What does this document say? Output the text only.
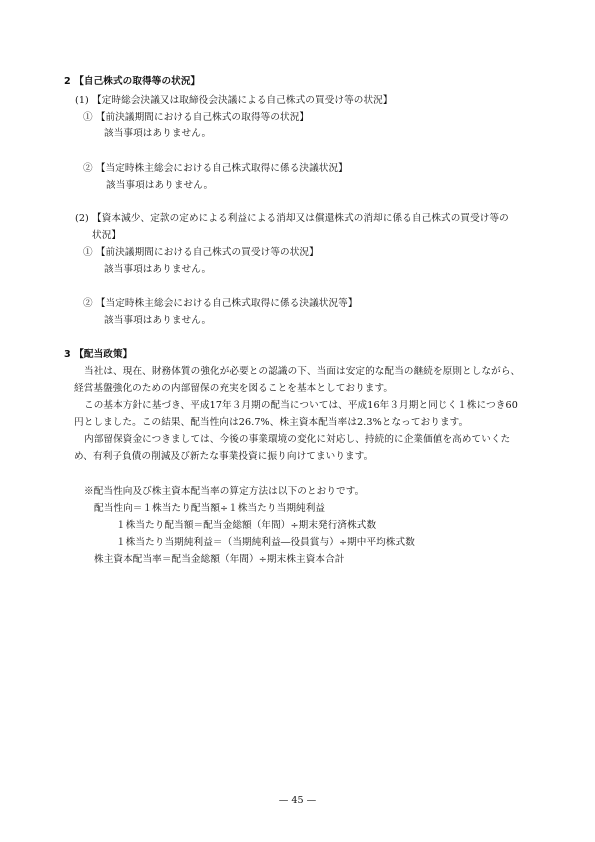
2 【自己株式の取得等の状況】
(1) 【定時総会決議又は取締役会決議による自己株式の買受け等の状況】
① 【前決議期間における自己株式の取得等の状況】
該当事項はありません。
② 【当定時株主総会における自己株式取得に係る決議状況】
該当事項はありません。
(2) 【資本減少、定款の定めによる利益による消却又は償還株式の消却に係る自己株式の買受け等の
状況】
① 【前決議期間における自己株式の買受け等の状況】
該当事項はありません。
② 【当定時株主総会における自己株式取得に係る決議状況等】
該当事項はありません。
3 【配当政策】
当社は、現在、財務体質の強化が必要との認識の下、当面は安定的な配当の継続を原則としながら、
経営基盤強化のための内部留保の充実を図ることを基本としております。
この基本方針に基づき、平成17年３月期の配当については、平成16年３月期と同じく１株につき60
円としました。この結果、配当性向は26.7%、株主資本配当率は2.3%となっております。
内部留保資金につきましては、今後の事業環境の変化に対応し、持続的に企業価値を高めていくた
め、有利子負債の削減及び新たな事業投資に振り向けてまいります。
※配当性向及び株主資本配当率の算定方法は以下のとおりです。
配当性向＝１株当たり配当額÷１株当たり当期純利益
１株当たり配当額＝配当金総額（年間）÷期末発行済株式数
１株当たり当期純利益＝（当期純利益―役員賞与）÷期中平均株式数
株主資本配当率＝配当金総額（年間）÷期末株主資本合計
— 45 —
